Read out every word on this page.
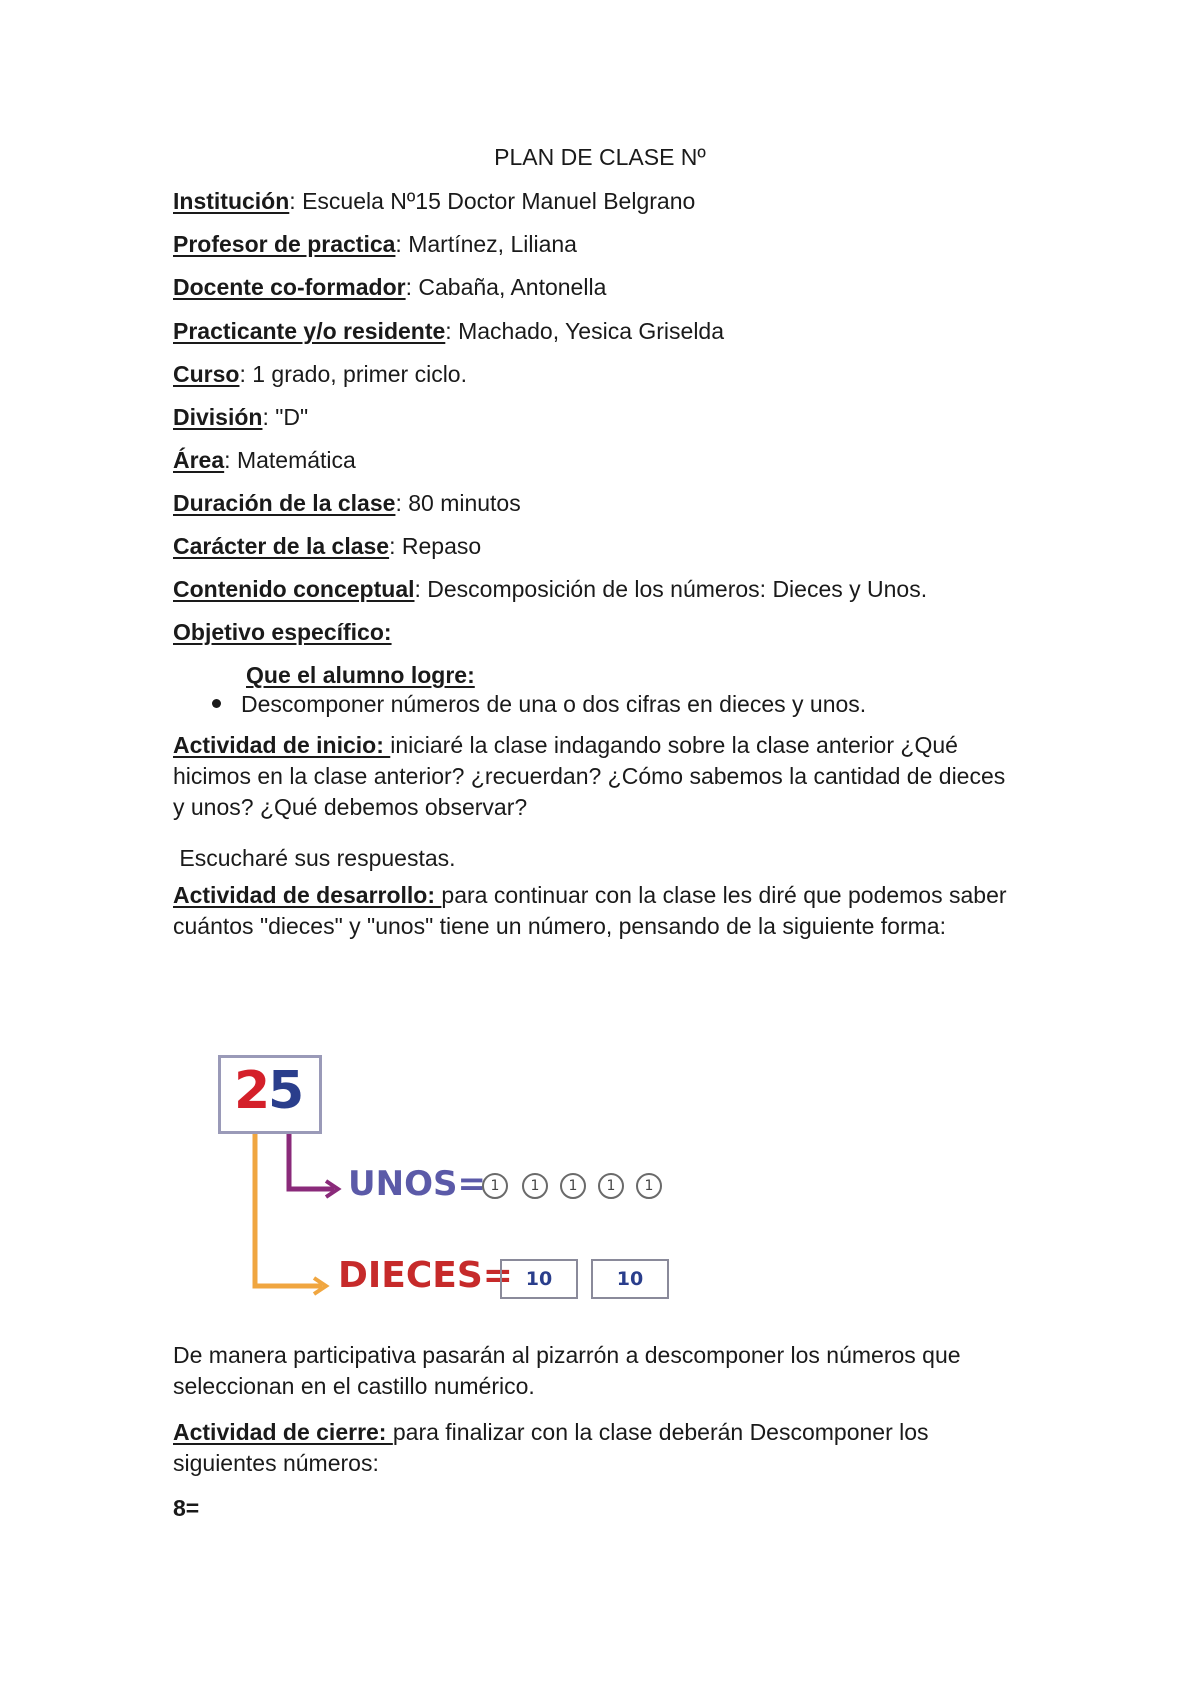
PLAN DE CLASE Nº
Institución: Escuela Nº15 Doctor Manuel Belgrano
Profesor de practica: Martínez, Liliana
Docente co-formador: Cabaña, Antonella
Practicante y/o residente: Machado, Yesica Griselda
Curso: 1 grado, primer ciclo.
División: "D"
Área: Matemática
Duración de la clase: 80 minutos
Carácter de la clase: Repaso
Contenido conceptual: Descomposición de los números: Dieces y Unos.
Objetivo específico:
Que el alumno logre:
Descomponer números de una o dos cifras en dieces y unos.
Actividad de inicio: iniciaré la clase indagando sobre la clase anterior ¿Qué hicimos en la clase anterior? ¿recuerdan? ¿Cómo sabemos la cantidad de dieces y unos? ¿Qué debemos observar?
Escucharé sus respuestas.
Actividad de desarrollo: para continuar con la clase les diré que podemos saber cuántos "dieces" y "unos" tiene un número, pensando de la siguiente forma:
2
5
UNOS= 1	1	1	1	1
DIECES= 10	10
De manera participativa pasarán al pizarrón a descomponer los números que seleccionan en el castillo numérico.
Actividad de cierre: para finalizar con la clase deberán Descomponer los siguientes números:
8=
